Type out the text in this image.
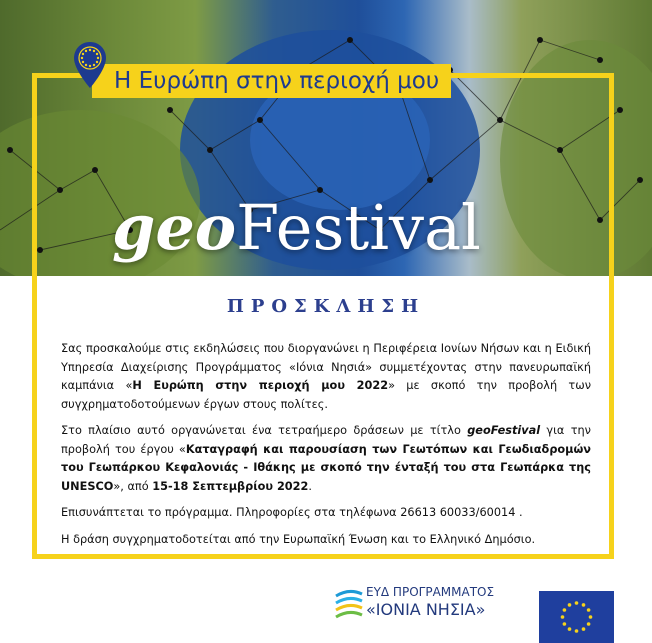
Η Ευρώπη στην περιοχή μου
geoFestival
ΠΡΟΣΚΛΗΣΗ

Σας προσκαλούμε στις εκδηλώσεις που διοργανώνει η Περιφέρεια Ιονίων Νήσων και η Ειδική Υπηρεσία Διαχείρισης Προγράμματος «Ιόνια Νησιά» συμμετέχοντας στην πανευρωπαϊκή καμπάνια «Η Ευρώπη στην περιοχή μου 2022» με σκοπό την προβολή των συγχρηματοδοτούμενων έργων στους πολίτες.

Στο πλαίσιο αυτό οργανώνεται ένα τετραήμερο δράσεων με τίτλο geoFestival για την προβολή του έργου «Καταγραφή και παρουσίαση των Γεωτόπων και Γεωδιαδρομών του Γεωπάρκου Κεφαλονιάς - Ιθάκης με σκοπό την ένταξή του στα Γεωπάρκα της UNESCO», από 15-18 Σεπτεμβρίου 2022.

Επισυνάπτεται το πρόγραμμα. Πληροφορίες στα τηλέφωνα 26613 60033/60014 .

Η δράση συγχρηματοδοτείται από την Ευρωπαϊκή Ένωση και το Ελληνικό Δημόσιο.

ΕΥΔ ΠΡΟΓΡΑΜΜΑΤΟΣ
«ΙΟΝΙΑ ΝΗΣΙΑ»
